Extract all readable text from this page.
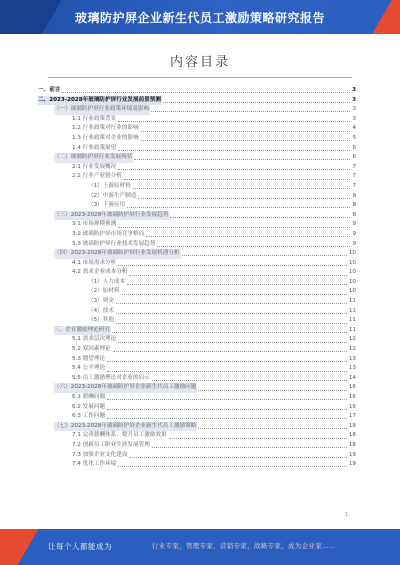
玻璃防护屏企业新生代员工激励策略研究报告
内容目录
一、前言	3
二、2023-2028年玻璃防护屏行业发展前景预测	3
（一）玻璃防护屏行业政策环境及影响	3
1.1 行业政策背景	3
1.2 行业政策对行业的影响	4
1.3 行业政策对企业的影响	5
1.4 行业政策展望	6
（二）玻璃防护屏行业发展现状	6
2.1 行业发展概况	7
2.2 行业产业链分析	7
（1）上游原材料	7
（2）中游生产制造	8
（3）下游应用	8
（三）2023-2028年玻璃防护屏行业发展趋势	8
3.1 市场规模预测	9
3.2 玻璃防护屏市场竞争格局	9
3.3 玻璃防护屏行业技术发展趋势	9
（四）2023-2028年玻璃防护屏行业发展机遇分析	10
4.1 市场需求分析	10
4.2 需求企业成本分析	10
（1）人力成本	10
（2）原材料	10
（3）资金	11
（4）技术	11
（5）其他	11
三、企业激励理论研究	11
5.1 需求层次理论	12
5.2 双因素理论	12
5.3 期望理论	13
5.4 公平理论	13
5.5 员工激励理论对企业的启示	14
（六）2023-2028年玻璃防护屏企业新生代员工激励问题	16
6.1 薪酬问题	16
6.2 发展问题	16
6.3 工作问题	17
（七）2023-2028年玻璃防护屏企业新生代员工激励策略	18
7.1 完善薪酬体系，提升员工激励效果	18
7.2 创新员工职业生涯发展管理	18
7.3 加强企业文化建设	19
7.4 优化工作环境	19
1
让每个人都能成为	行业专家，管理专家，营销专家，战略专家，成为企业家……
